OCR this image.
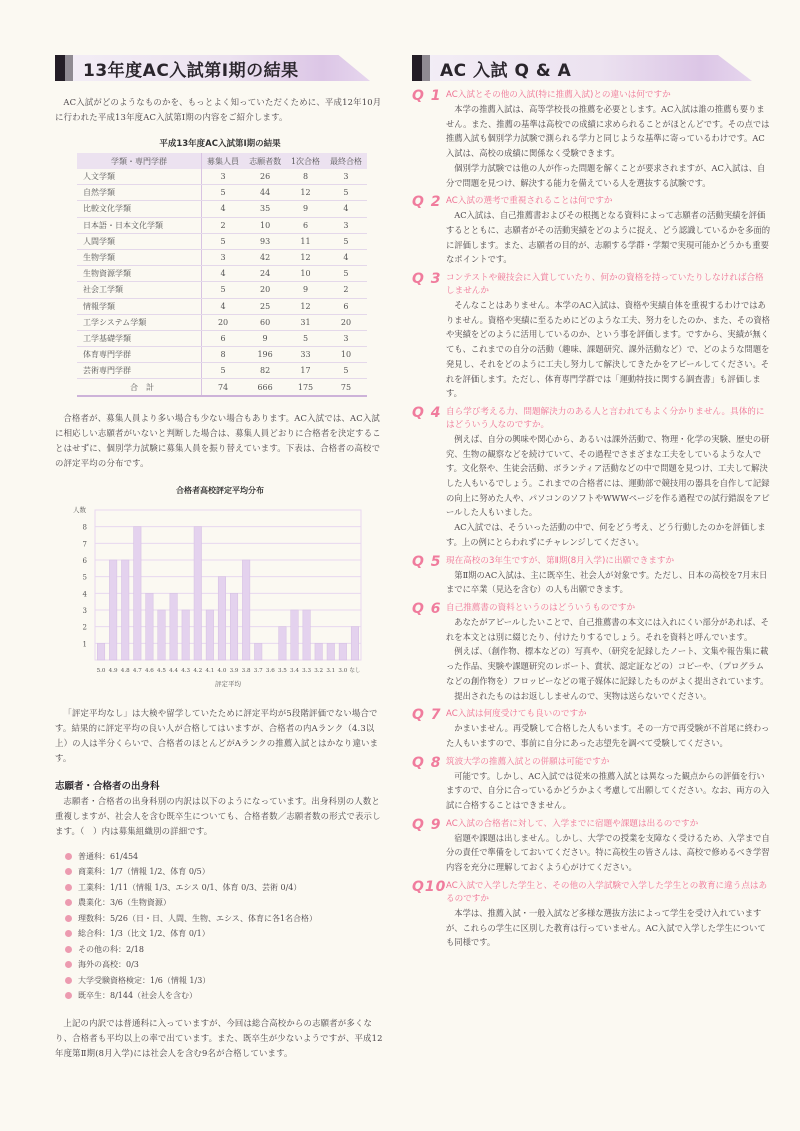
13年度AC入試第Ⅰ期の結果

AC入試がどのようなものかを、もっとよく知っていただくために、平成12年10月に行われた平成13年度AC入試第Ⅰ期の内容をご紹介します。

平成13年度AC入試第Ⅰ期の結果
学類・専門学群	募集人員	志願者数	1次合格	最終合格
人文学類	3	26	8	3
自然学類	5	44	12	5
比較文化学類	4	35	9	4
日本語・日本文化学類	2	10	6	3
人間学類	5	93	11	5
生物学類	3	42	12	4
生物資源学類	4	24	10	5
社会工学類	5	20	9	2
情報学類	4	25	12	6
工学システム学類	20	60	31	20
工学基礎学類	6	9	5	3
体育専門学群	8	196	33	10
芸術専門学群	5	82	17	5
合　計	74	666	175	75

合格者が、募集人員より多い場合も少ない場合もあります。AC入試では、AC入試に相応しい志願者がいないと判断した場合は、募集人員どおりに合格者を決定することはせずに、個別学力試験に募集人員を振り替えています。下表は、合格者の高校での評定平均の分布です。

合格者高校評定平均分布
1
2
3
4
5
6
7
8
人数
5.0 4.9 4.8 4.7 4.6 4.5 4.4 4.3 4.2 4.1 4.0 3.9 3.8 3.7 3.6 3.5 3.4 3.3 3.2 3.1 3.0 なし
評定平均

「評定平均なし」は大検や留学していたために評定平均が5段階評価でない場合です。結果的に評定平均の良い人が合格してはいますが、合格者の内Aランク（4.3以上）の人は半分くらいで、合格者のほとんどがAランクの推薦入試とはかなり違います。

志願者・合格者の出身科

志願者・合格者の出身科別の内訳は以下のようになっています。出身科別の人数と重複しますが、社会人を含む既卒生についても、合格者数／志願者数の形式で表示します。（　）内は募集組織別の詳細です。

普通科：61/454
商業科：1/7（情報 1/2、体育 0/5）
工業科：1/11（情報 1/3、エシス 0/1、体育 0/3、芸術 0/4）
農業化：3/6（生物資源）
理数科：5/26（日・日、人間、生物、エシス、体育に各1名合格）
総合科：1/3（比文 1/2、体育 0/1）
その他の科：2/18
海外の高校：0/3
大学受験資格検定：1/6（情報 1/3）
既卒生：8/144（社会人を含む）

上記の内訳では普通科に入っていますが、今回は総合高校からの志願者が多くなり、合格者も平均以上の率で出ています。また、既卒生が少ないようですが、平成12年度第Ⅱ期(8月入学)には社会人を含む9名が合格しています。

AC 入試 Q & A
Q 1 AC入試とその他の入試(特に推薦入試)との違いは何ですか

本学の推薦入試は、高等学校長の推薦を必要とします。AC入試は誰の推薦も要りません。また、推薦の基準は高校での成績に求められることがほとんどです。その点では推薦入試も個別学力試験で測られる学力と同じような基準に寄っているわけです。AC入試は、高校の成績に関係なく受験できます。

個別学力試験では他の人が作った問題を解くことが要求されますが、AC入試は、自分で問題を見つけ、解決する能力を備えている人を選抜する試験です。

Q 2 AC入試の選考で重視されることは何ですか

AC入試は、自己推薦書およびその根拠となる資料によって志願者の活動実績を評価するとともに、志願者がその活動実績をどのように捉え、どう認識しているかを多面的に評価します。また、志願者の目的が、志願する学群・学類で実現可能かどうかも重要なポイントです。

Q 3 コンテストや競技会に入賞していたり、何かの資格を持っていたりしなければ合格しませんか

そんなことはありません。本学のAC入試は、資格や実績自体を重視するわけではありません。資格や実績に至るためにどのような工夫、努力をしたのか、また、その資格や実績をどのように活用しているのか、という事を評価します。ですから、実績が無くても、これまでの自分の活動（趣味、課題研究、課外活動など）で、どのような問題を発見し、それをどのように工夫し努力して解決してきたかをアピールしてください。それを評価します。ただし、体育専門学群では「運動特技に関する調査書」も評価します。

Q 4 自ら学び考える力、問題解決力のある人と言われてもよく分かりません。具体的にはどういう人なのですか。

例えば、自分の興味や関心から、あるいは課外活動で、物理・化学の実験、歴史の研究、生物の観察などを続けていて、その過程でさまざまな工夫をしているような人です。文化祭や、生徒会活動、ボランティア活動などの中で問題を見つけ、工夫して解決した人もいるでしょう。これまでの合格者には、運動部で競技用の器具を自作して記録の向上に努めた人や、パソコンのソフトやWWWページを作る過程での試行錯誤をアピールした人もいました。

AC入試では、そういった活動の中で、何をどう考え、どう行動したのかを評価します。上の例にとらわれずにチャレンジしてください。

Q 5 現在高校の3年生ですが、第Ⅱ期(8月入学)に出願できますか

第Ⅱ期のAC入試は、主に既卒生、社会人が対象です。ただし、日本の高校を7月末日までに卒業（見込を含む）の人も出願できます。

Q 6 自己推薦書の資料というのはどういうものですか

あなたがアピールしたいことで、自己推薦書の本文には入れにくい部分があれば、それを本文とは別に綴じたり、付けたりするでしょう。それを資料と呼んでいます。

例えば、（創作物、標本などの）写真や、（研究を記録したノート、文集や報告集に載った作品、実験や課題研究のレポート、賞状、認定証などの）コピーや、（プログラムなどの創作物を）フロッピーなどの電子媒体に記録したものがよく提出されています。

提出されたものはお返ししませんので、実物は送らないでください。

Q 7 AC入試は何度受けても良いのですか

かまいません。再受験して合格した人もいます。その一方で再受験が不首尾に終わった人もいますので、事前に自分にあった志望先を調べて受験してください。

Q 8 筑波大学の推薦入試との併願は可能ですか

可能です。しかし、AC入試では従来の推薦入試とは異なった観点からの評価を行いますので、自分に合っているかどうかよく考慮して出願してください。なお、両方の入試に合格することはできません。

Q 9 AC入試の合格者に対して、入学までに宿題や課題は出るのですか

宿題や課題は出しません。しかし、大学での授業を支障なく受けるため、入学まで自分の責任で準備をしておいてください。特に高校生の皆さんは、高校で修めるべき学習内容を充分に理解しておくよう心がけてください。

Q10 AC入試で入学した学生と、その他の入学試験で入学した学生との教育に違う点はあるのですか

本学は、推薦入試・一般入試など多様な選抜方法によって学生を受け入れていますが、これらの学生に区別した教育は行っていません。AC入試で入学した学生についても同様です。
